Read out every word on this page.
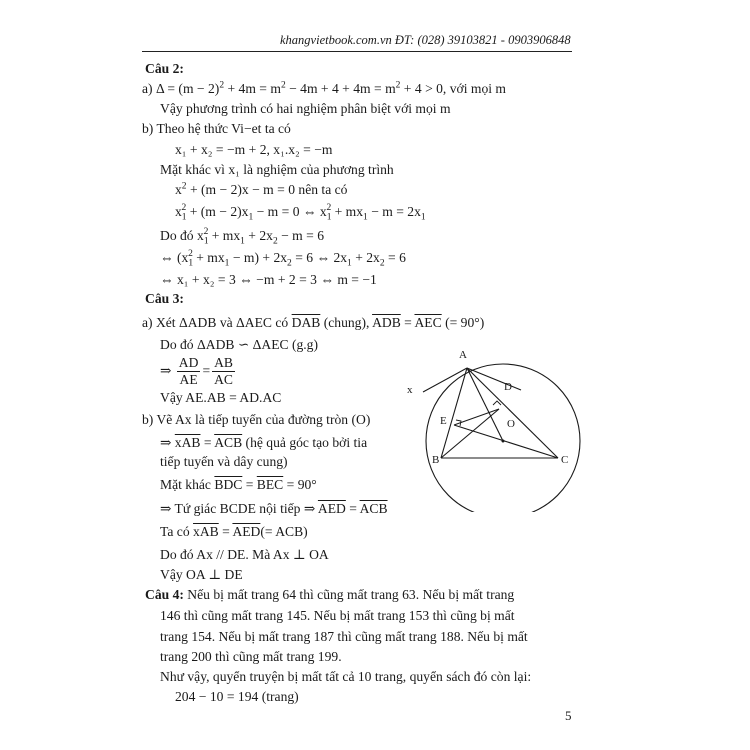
khangvietbook.com.vn ĐT: (028) 39103821 - 0903906848
Câu 2:
a) $\Delta = (m - 2)^2 + 4m = m^2 - 4m + 4 + 4m = m^2 + 4 > 0$, với mọi m
Vậy phương trình có hai nghiệm phân biệt với mọi m
b) Theo hệ thức Vi−et ta có
x₁ + x₂ = −m + 2, x₁.x₂ = −m
Mặt khác vì x₁ là nghiệm của phương trình
$x^2 + (m - 2)x - m = 0$ nên ta có
$x_1^2 + (m - 2)x_1 - m = 0$ ⇔ $x_1^2 + mx_1 - m = 2x_1$
Do đó $x_1^2 + mx_1 + 2x_2 - m = 6$
⇔ $(x_1^2 + mx_1 - m) + 2x_2 = 6$ ⇔ $2x_1 + 2x_2 = 6$
⇔ x₁ + x₂ = 3 ⇔ −m + 2 = 3 ⇔ m = −1
Câu 3:
a) Xét ΔADB và ΔAEC có $\overline{DAB}$ (chung), $\overline{ADB} = \overline{AEC}$ (= 90°)
Do đó ΔADB ∽ ΔAEC (g.g)
⇒ $\frac{AD}{AE} = \frac{AB}{AC}$
Vậy AE.AB = AD.AC
b) Vẽ Ax là tiếp tuyến của đường tròn (O)
⇒ $\overline{xAB} = \overline{ACB}$ (hệ quả góc tạo bởi tia
tiếp tuyến và dây cung)
Mặt khác $\overline{BDC} = \overline{BEC} = 90^\circ$
⇒ Tứ giác BCDE nội tiếp ⇒ $\overline{AED} = \overline{ACB}$
Ta có $\overline{xAB} = \overline{AED}(= ACB)$
Do đó Ax // DE. Mà Ax ⊥ OA
Vậy OA ⊥ DE
A
B	C
D
E	O
x
Câu 4: Nếu bị mất trang 64 thì cũng mất trang 63. Nếu bị mất trang
146 thì cũng mất trang 145. Nếu bị mất trang 153 thì cũng bị mất
trang 154. Nếu bị mất trang 187 thì cũng mất trang 188. Nếu bị mất
trang 200 thì cũng mất trang 199.
Như vậy, quyển truyện bị mất tất cả 10 trang, quyển sách đó còn lại:
204 − 10 = 194 (trang)
5
